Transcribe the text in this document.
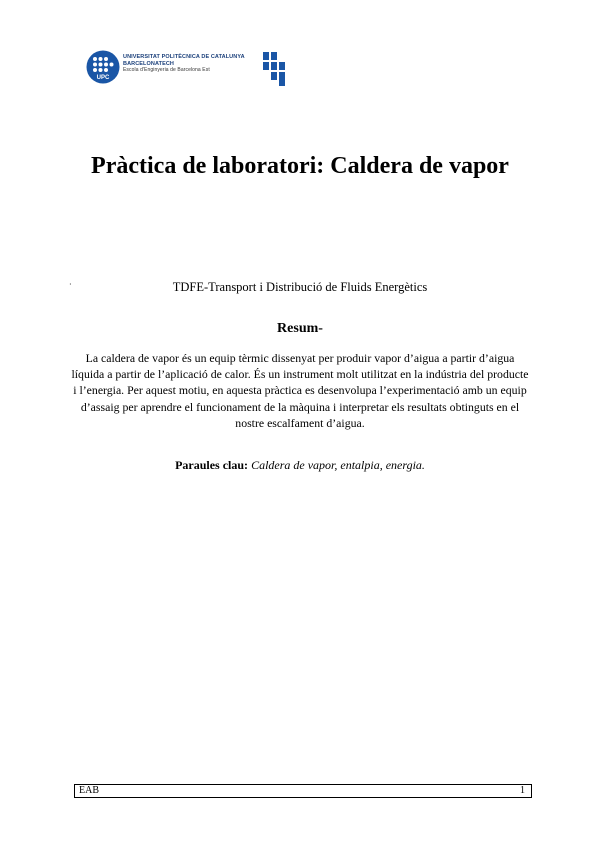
UPC
UNIVERSITAT POLITÈCNICA DE CATALUNYA
BARCELONATECH
Escola d'Enginyeria de Barcelona Est
Pràctica de laboratori: Caldera de vapor
·	TDFE-Transport i Distribució de Fluids Energètics
Resum-
La caldera de vapor és un equip tèrmic dissenyat per produir vapor d’aigua a partir d’aigua líquida a partir de l’aplicació de calor. És un instrument molt utilitzat en la indústria del producte i l’energia. Per aquest motiu, en aquesta pràctica es desenvolupa l’experimentació amb un equip d’assaig per aprendre el funcionament de la màquina i interpretar els resultats obtinguts en el nostre escalfament d’aigua.
Paraules clau: Caldera de vapor, entalpia, energia.
EAB	1
